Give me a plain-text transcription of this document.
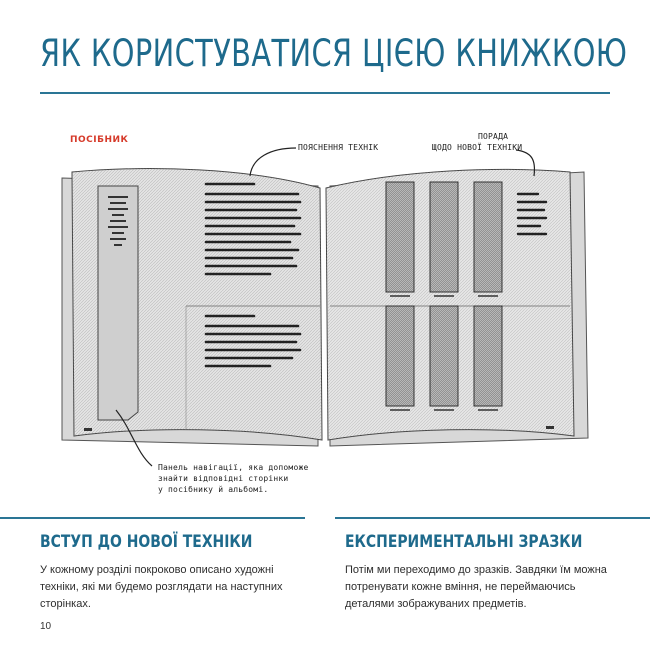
ЯК КОРИСТУВАТИСЯ ЦІЄЮ КНИЖКОЮ
ПОСІБНИК
ПОЯСНЕННЯ ТЕХНІК
ПОРАДА
ЩОДО НОВОЇ ТЕХНІКИ
Панель навігації, яка допоможе
знайти відповідні сторінки
у посібнику й альбомі.
ВСТУП ДО НОВОЇ ТЕХНІКИ

У кожному розділі покроково описано художні техніки, які ми будемо розглядати на наступних сторінках.

ЕКСПЕРИМЕНТАЛЬНІ ЗРАЗКИ

Потім ми переходимо до зразків. Завдяки їм можна потренувати кожне вміння, не переймаючись деталями зображуваних предметів.

10
